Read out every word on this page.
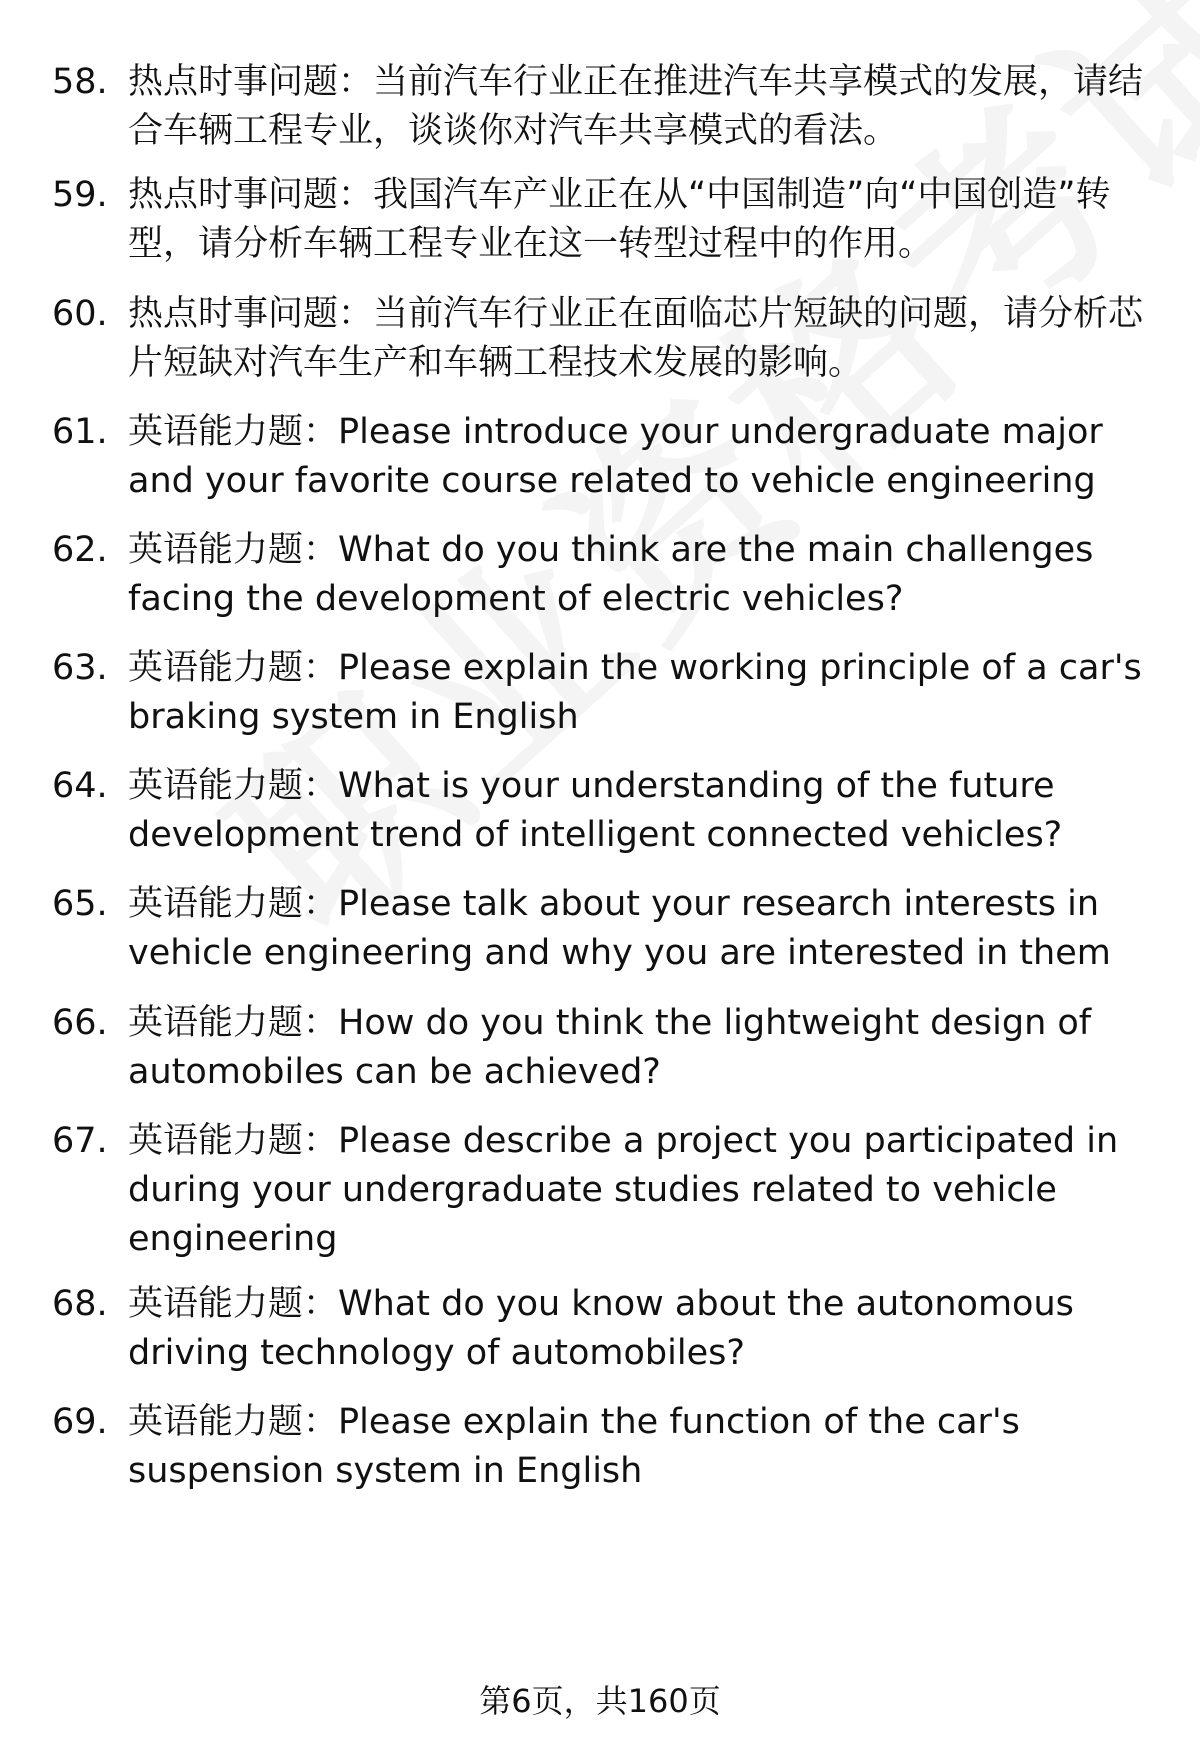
58. 热点时事问题：当前汽车行业正在推进汽车共享模式的发展，请结合车辆工程专业，谈谈你对汽车共享模式的看法。
59. 热点时事问题：我国汽车产业正在从“中国制造”向“中国创造”转型，请分析车辆工程专业在这一转型过程中的作用。
60. 热点时事问题：当前汽车行业正在面临芯片短缺的问题，请分析芯片短缺对汽车生产和车辆工程技术发展的影响。
61. 英语能力题：Please introduce your undergraduate major and your favorite course related to vehicle engineering
62. 英语能力题：What do you think are the main challenges facing the development of electric vehicles?
63. 英语能力题：Please explain the working principle of a car's braking system in English
64. 英语能力题：What is your understanding of the future development trend of intelligent connected vehicles?
65. 英语能力题：Please talk about your research interests in vehicle engineering and why you are interested in them
66. 英语能力题：How do you think the lightweight design of automobiles can be achieved?
67. 英语能力题：Please describe a project you participated in during your undergraduate studies related to vehicle engineering
68. 英语能力题：What do you know about the autonomous driving technology of automobiles?
69. 英语能力题：Please explain the function of the car's suspension system in English
第6页，共160页
